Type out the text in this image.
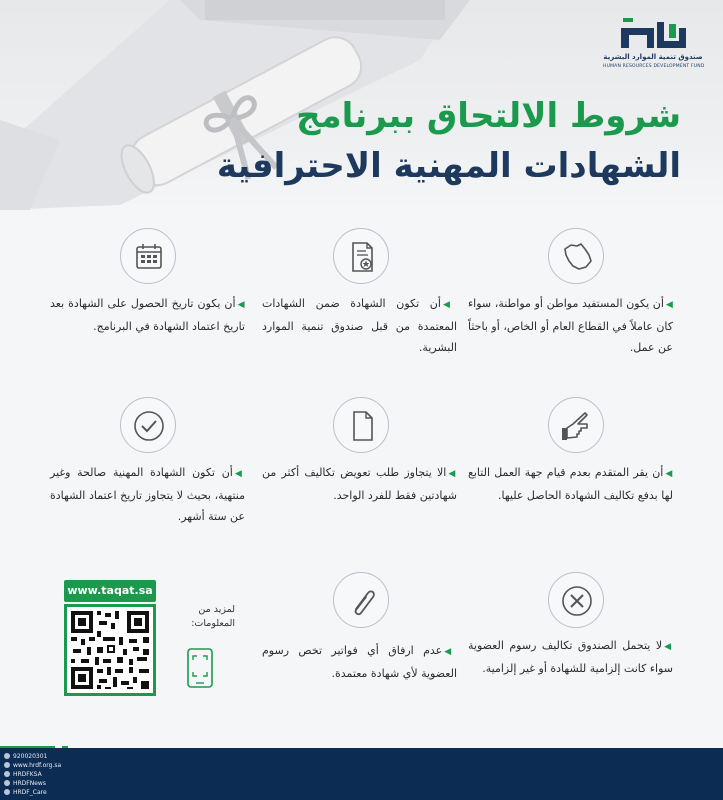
صندوق تنمية الموارد البشرية
HUMAN RESOURCES DEVELOPMENT FUND
شروط الالتحاق ببرنامج
الشهادات المهنية الاحترافية
◀أن يكون المستفيد مواطن أو مواطنة، سواء كان عاملاً في القطاع العام أو الخاص، أو باحثاً عن عمل.
◀أن تكون الشهادة ضمن الشهادات المعتمدة من قبل صندوق تنمية الموارد البشرية.
◀أن يكون تاريخ الحصول على الشهادة بعد تاريخ اعتماد الشهادة في البرنامج.
◀أن يقر المتقدم بعدم قيام جهة العمل التابع لها بدفع تكاليف الشهادة الحاصل عليها.
◀الا يتجاوز طلب تعويض تكاليف أكثر من شهادتين فقط للفرد الواحد.
◀أن تكون الشهادة المهنية صالحة وغير منتهية، بحيث لا يتجاوز تاريخ اعتماد الشهادة عن ستة أشهر.
◀لا يتحمل الصندوق تكاليف رسوم العضوية سواء كانت إلزامية للشهادة أو غير إلزامية.
◀عدم ارفاق أي فواتير تخص رسوم العضوية لأي شهادة معتمدة.
www.taqat.sa
لمزيد من المعلومات:
920020301
www.hrdf.org.sa
HRDFKSA
HRDFNews
HRDF_Care
